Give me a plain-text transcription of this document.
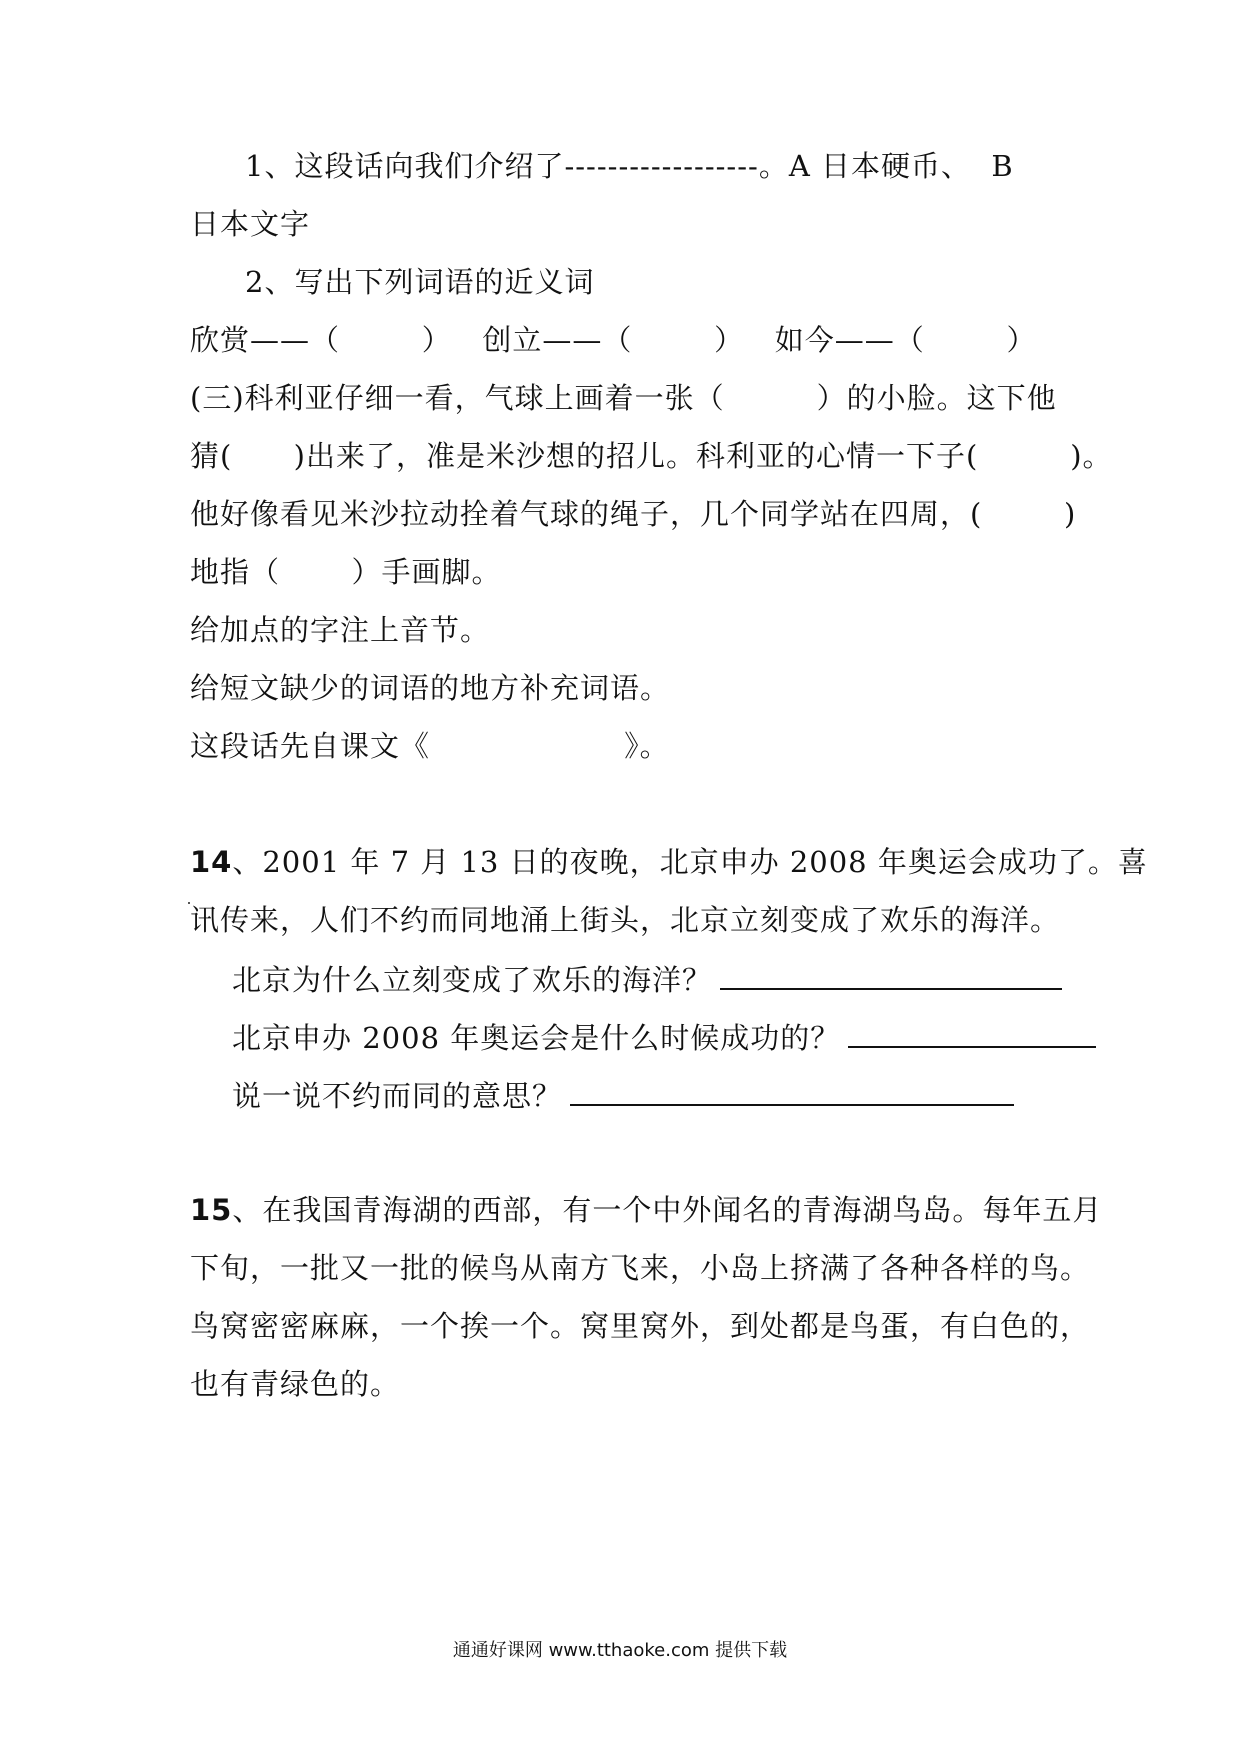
1、这段话向我们介绍了------------------。A 日本硬币、  B
日本文字
2、写出下列词语的近义词
欣赏——（        ）   创立——（        ）   如今——（        ）
(三)科利亚仔细一看，气球上画着一张（         ）的小脸。这下他
猜(      )出来了，准是米沙想的招儿。科利亚的心情一下子(         )。
他好像看见米沙拉动拴着气球的绳子，几个同学站在四周，(        )
地指（       ）手画脚。
给加点的字注上音节。
给短文缺少的词语的地方补充词语。
这段话先自课文《                   》。
14、2001 年 7 月 13 日的夜晚，北京申办 2008 年奥运会成功了。喜
讯传来，人们不约而同地涌上街头，北京立刻变成了欢乐的海洋。
北京为什么立刻变成了欢乐的海洋？
北京申办 2008 年奥运会是什么时候成功的？
说一说不约而同的意思？
15、在我国青海湖的西部，有一个中外闻名的青海湖鸟岛。每年五月
下旬，一批又一批的候鸟从南方飞来，小岛上挤满了各种各样的鸟。
鸟窝密密麻麻，一个挨一个。窝里窝外，到处都是鸟蛋，有白色的，
也有青绿色的。
通通好课网 www.tthaoke.com 提供下载
